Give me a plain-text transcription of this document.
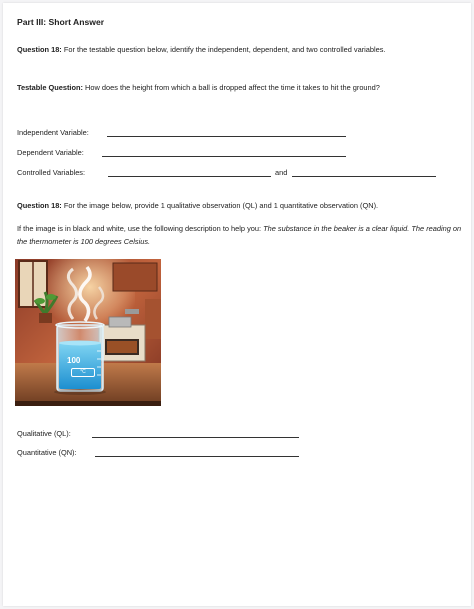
Part III: Short Answer
Question 18: For the testable question below, identify the independent, dependent, and two controlled variables.
Testable Question: How does the height from which a ball is dropped affect the time it takes to hit the ground?
Independent Variable:
Dependent Variable:
Controlled Variables:	and
Question 18: For the image below, provide 1 qualitative observation (QL) and 1 quantitative observation (QN).
If the image is in black and white, use the following description to help you: The substance in the beaker is a clear liquid. The reading on the thermometer is 100 degrees Celsius.
100
°C
Qualitative (QL):
Quantitative (QN):
